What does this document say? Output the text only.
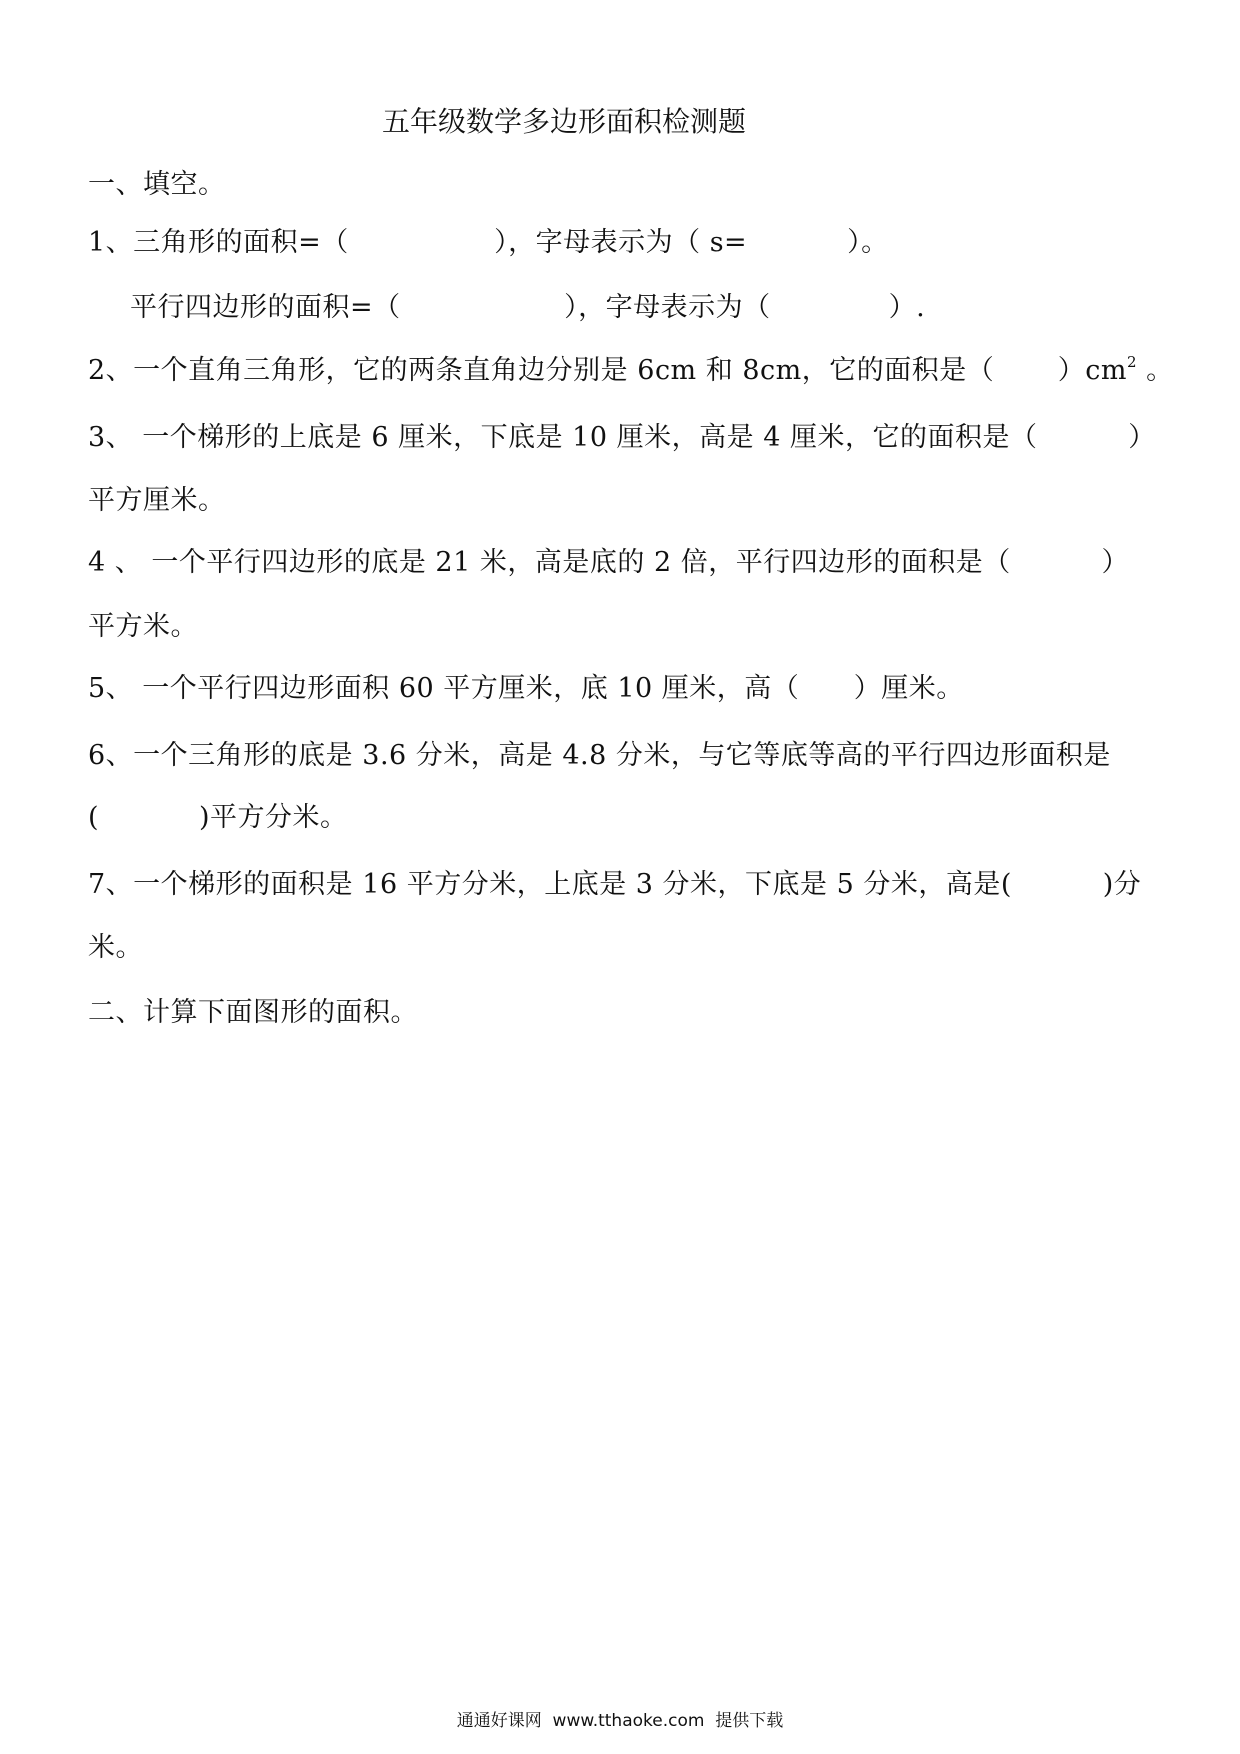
五年级数学多边形面积检测题
一、填空。
1、三角形的面积=（                ），字母表示为（ s=           ）。
平行四边形的面积=（                  ），字母表示为（             ）.
2、一个直角三角形，它的两条直角边分别是 6cm 和 8cm，它的面积是（       ）$cm^2$ 。
3、 一个梯形的上底是 6 厘米，下底是 10 厘米，高是 4 厘米，它的面积是（          ）
平方厘米。
4 、 一个平行四边形的底是 21 米，高是底的 2 倍，平行四边形的面积是（          ）
平方米。
5、 一个平行四边形面积 60 平方厘米，底 10 厘米，高（      ）厘米。
6、一个三角形的底是 3.6 分米，高是 4.8 分米，与它等底等高的平行四边形面积是
(           )平方分米。
7、一个梯形的面积是 16 平方分米，上底是 3 分米，下底是 5 分米，高是(          )分
米。
二、计算下面图形的面积。
通通好课网  www.tthaoke.com  提供下载
